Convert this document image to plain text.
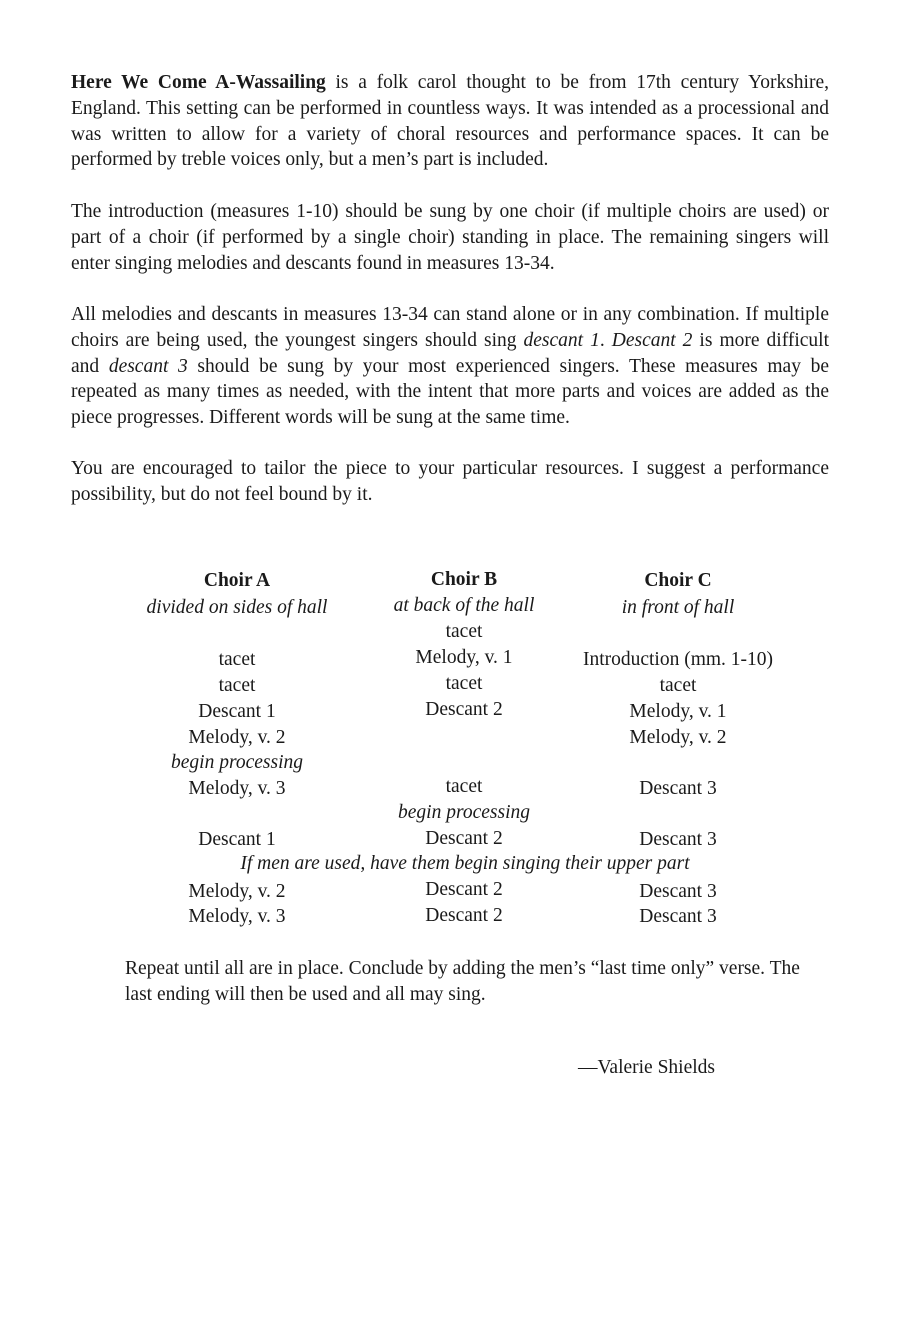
Here We Come A-Wassailing is a folk carol thought to be from 17th century Yorkshire, England. This setting can be performed in countless ways. It was intended as a processional and was written to allow for a variety of choral resources and performance spaces. It can be performed by treble voices only, but a men’s part is included.
The introduction (measures 1-10) should be sung by one choir (if multiple choirs are used) or part of a choir (if performed by a single choir) standing in place. The remaining singers will enter singing melodies and descants found in measures 13-34.
All melodies and descants in measures 13-34 can stand alone or in any combination. If multiple choirs are being used, the youngest singers should sing descant 1. Descant 2 is more difficult and descant 3 should be sung by your most experienced singers. These measures may be repeated as many times as needed, with the intent that more parts and voices are added as the piece progresses. Different words will be sung at the same time.
You are encouraged to tailor the piece to your particular resources. I suggest a performance possibility, but do not feel bound by it.
Choir A
divided on sides of hall
tacet
tacet
Descant 1
Melody, v. 2
begin processing
Melody, v. 3
Descant 1
Melody, v. 2
Melody, v. 3
Choir B
at back of the hall
tacet
Melody, v. 1
tacet
Descant 2
tacet
begin processing
Descant 2
Descant 2
Descant 2
Choir C
in front of hall
Introduction (mm. 1-10)
tacet
Melody, v. 1
Melody, v. 2
Descant 3
Descant 3
Descant 3
Descant 3
If men are used, have them begin singing their upper part
Repeat until all are in place. Conclude by adding the men’s “last time only” verse. The last ending will then be used and all may sing.
—Valerie Shields
